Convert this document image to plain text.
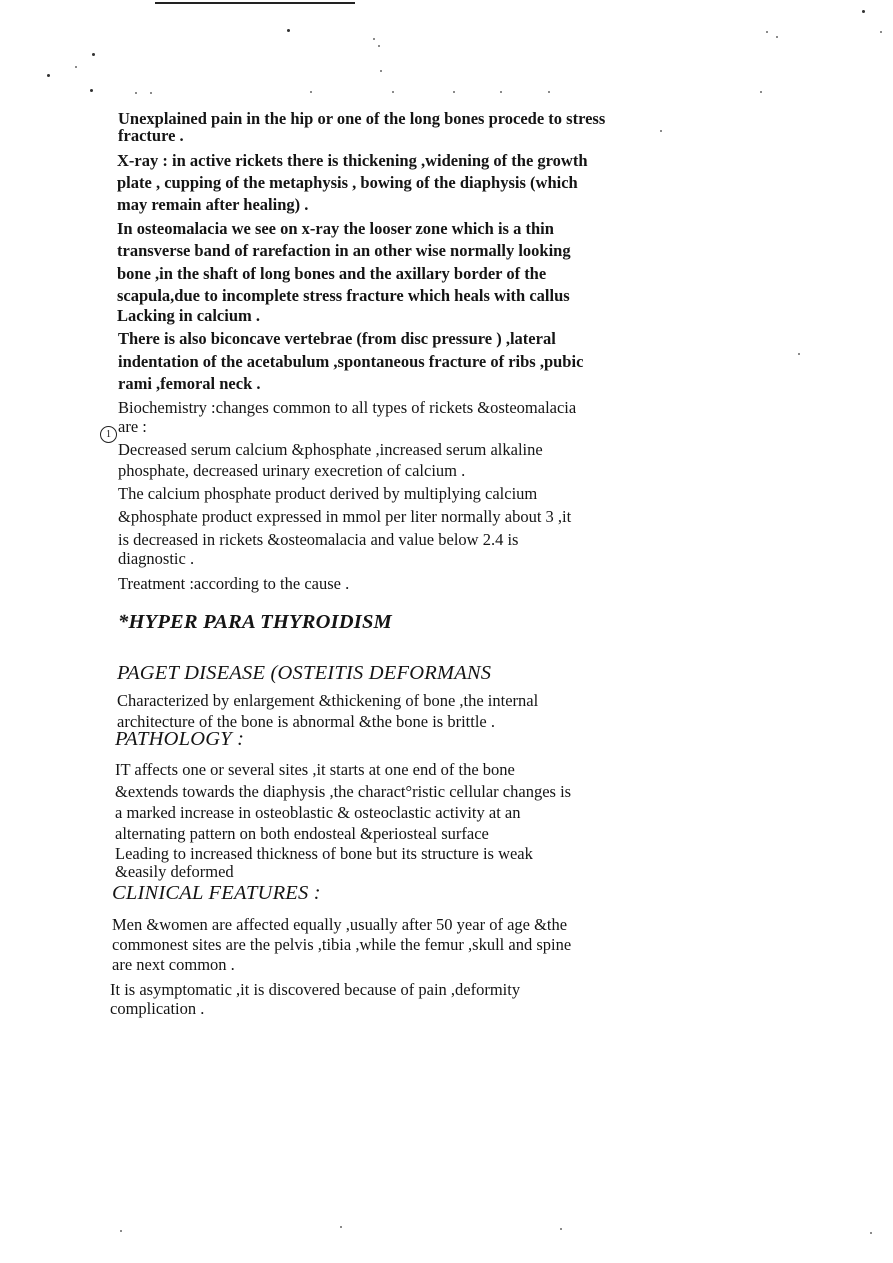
1
Unexplained pain in the hip or one of the long bones procede to stress
fracture .
X-ray : in active rickets there is thickening ,widening of the growth
plate , cupping of the metaphysis , bowing of the diaphysis (which
may remain after healing) .
In osteomalacia we see on x-ray the looser zone which is a thin
transverse band of rarefaction in an other wise normally looking
bone ,in the shaft of long bones and the axillary border of the
scapula,due to incomplete stress fracture which heals with callus
Lacking in calcium .
There is also biconcave vertebrae (from disc pressure ) ,lateral
indentation of the acetabulum ,spontaneous fracture of ribs ,pubic
rami ,femoral neck .
Biochemistry :changes common to all types of rickets &osteomalacia
are :
Decreased serum calcium &phosphate ,increased serum alkaline
phosphate, decreased urinary execretion of calcium .
The calcium phosphate product derived by multiplying calcium
&phosphate product expressed in mmol per liter normally about 3 ,it
is decreased in rickets &osteomalacia and value below 2.4 is
diagnostic .
Treatment :according to the cause .
*HYPER PARA THYROIDISM
PAGET DISEASE (OSTEITIS DEFORMANS
Characterized by enlargement &thickening of bone ,the internal
architecture of the bone is abnormal &the bone is brittle .
PATHOLOGY :
IT affects one or several sites ,it starts at one end of the bone
&extends towards the diaphysis ,the charact°ristic cellular changes is
a marked increase in osteoblastic & osteoclastic activity at an
alternating pattern on both endosteal &periosteal surface
Leading to increased thickness of bone but its structure is weak
&easily deformed
CLINICAL FEATURES :
Men &women are affected equally ,usually after 50 year of age &the
commonest sites are the pelvis ,tibia ,while the femur ,skull and spine
are next common .
It is asymptomatic ,it is discovered because of pain ,deformity
complication .
